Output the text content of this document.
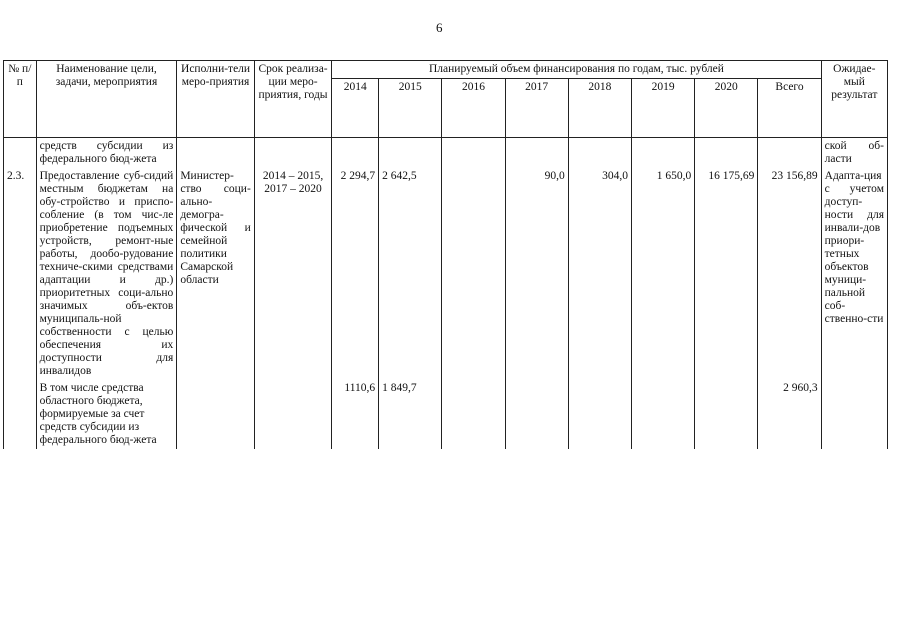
6
№ п/п	Наименование цели, задачи, мероприятия	Исполни-тели меро-приятия	Срок реализа-ции меро-приятия, годы	Планируемый объем финансирования по годам, тыс. рублей								Ожидае-мый результат
				2014	2015	2016	2017	2018	2019	2020	Всего	
	средств субсидии из федерального бюд-жета											ской об-ласти
2.3.	Предоставление суб-сидий местным бюджетам на обу-стройство и приспо-собление (в том чис-ле приобретение подъемных устройств, ремонт-ные работы, дообо-рудование техниче-скими средствами адаптации и др.) приоритетных соци-ально значимых объ-ектов муниципаль-ной собственности с целью обеспечения их доступности для инвалидов	Министер-ство соци-ально-демогра-фической и семейной политики Самарской области	2014 – 2015, 2017 – 2020	2 294,7	2 642,5		90,0	304,0	1 650,0	16 175,69	23 156,89	Адапта-ция с учетом доступ-ности для инвали-дов приори-тетных объектов муници-пальной соб-ственно-сти
	В том числе средства областного бюджета, формируемые за счет средств субсидии из федерального бюд-жета			1110,6	1 849,7						2 960,3	
